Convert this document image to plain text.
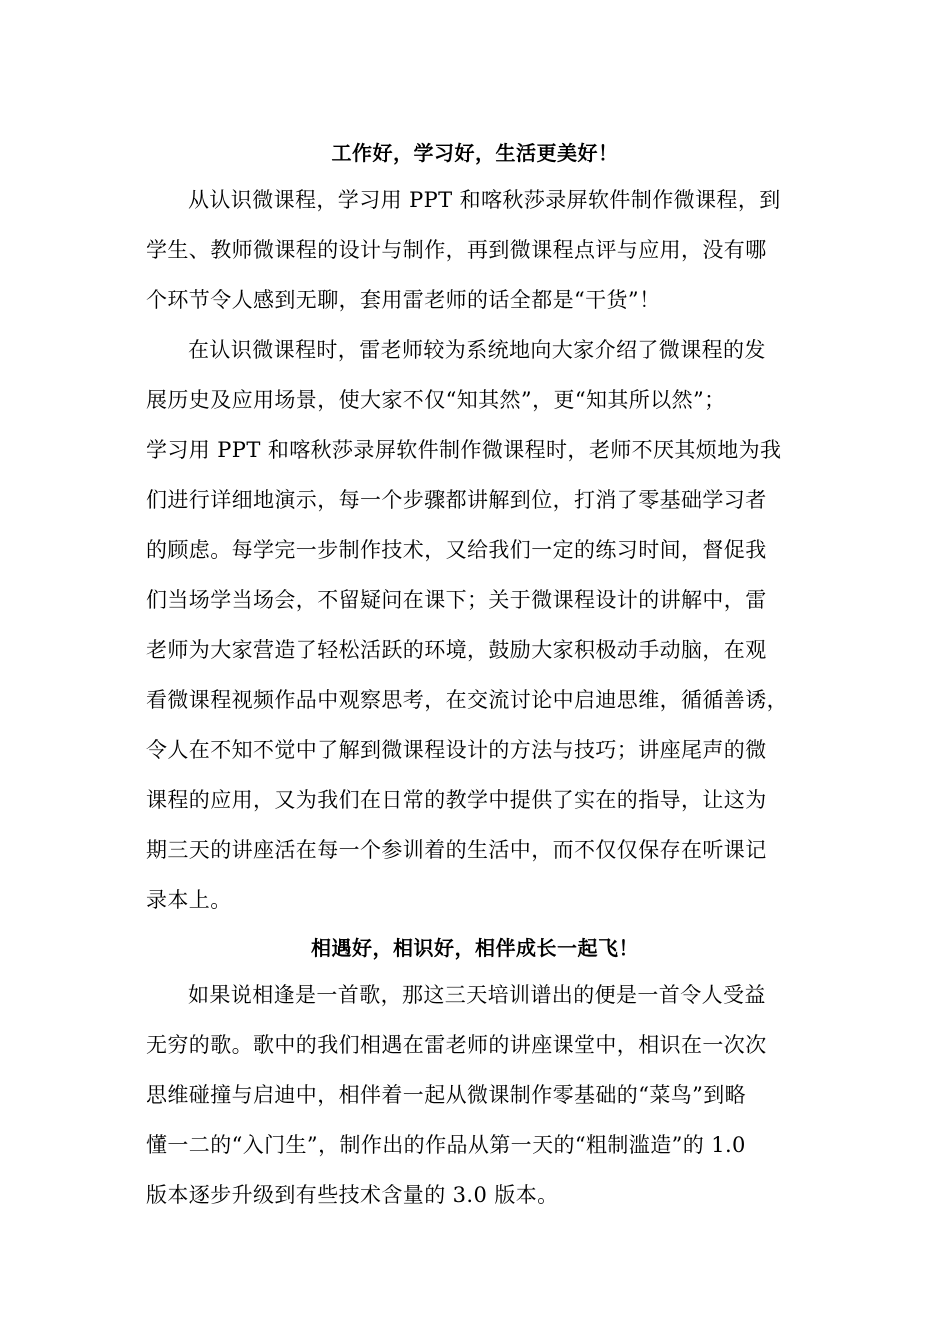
工作好，学习好，生活更美好！
从认识微课程，学习用 PPT 和喀秋莎录屏软件制作微课程，到
学生、教师微课程的设计与制作，再到微课程点评与应用，没有哪
个环节令人感到无聊，套用雷老师的话全都是“干货”！
在认识微课程时，雷老师较为系统地向大家介绍了微课程的发
展历史及应用场景，使大家不仅“知其然”，更“知其所以然”；
学习用 PPT 和喀秋莎录屏软件制作微课程时，老师不厌其烦地为我
们进行详细地演示，每一个步骤都讲解到位，打消了零基础学习者
的顾虑。每学完一步制作技术，又给我们一定的练习时间，督促我
们当场学当场会，不留疑问在课下；关于微课程设计的讲解中，雷
老师为大家营造了轻松活跃的环境，鼓励大家积极动手动脑，在观
看微课程视频作品中观察思考，在交流讨论中启迪思维，循循善诱，
令人在不知不觉中了解到微课程设计的方法与技巧；讲座尾声的微
课程的应用，又为我们在日常的教学中提供了实在的指导，让这为
期三天的讲座活在每一个参训着的生活中，而不仅仅保存在听课记
录本上。
相遇好，相识好，相伴成长一起飞！
如果说相逢是一首歌，那这三天培训谱出的便是一首令人受益
无穷的歌。歌中的我们相遇在雷老师的讲座课堂中，相识在一次次
思维碰撞与启迪中，相伴着一起从微课制作零基础的“菜鸟”到略
懂一二的“入门生”，制作出的作品从第一天的“粗制滥造”的 1.0
版本逐步升级到有些技术含量的 3.0 版本。
